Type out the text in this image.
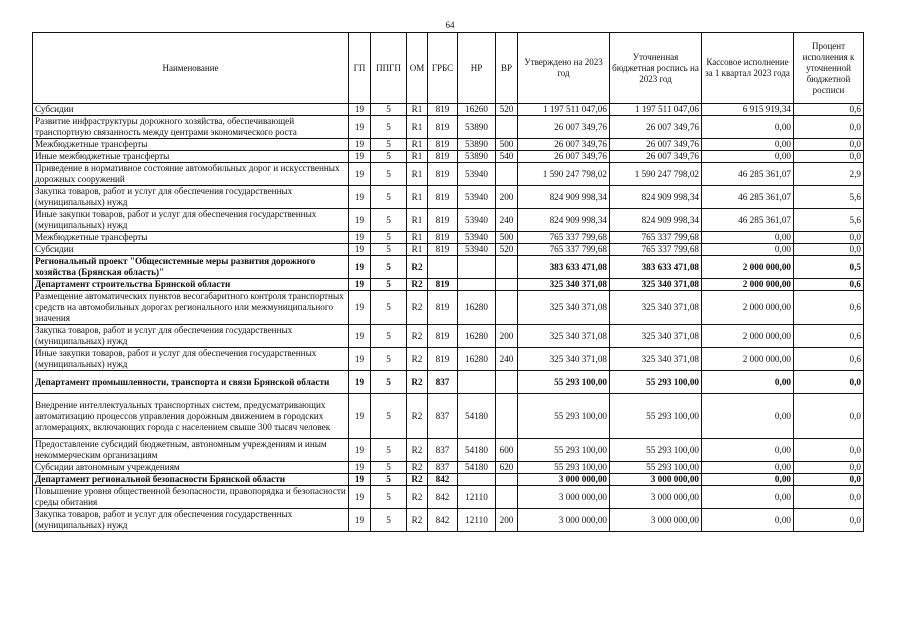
64
Наименование	ГП	ППГП	ОМ	ГРБС	НР	ВР	Утверждено на 2023 год	Уточненная бюджетная роспись на 2023 год	Кассовое исполнение за 1 квартал 2023 года	Процент исполнения к уточненной бюджетной росписи
Субсидии	19	5	R1	819	16260	520	1 197 511 047,06	1 197 511 047,06	6 915 919,34	0,6
Развитие инфраструктуры дорожного хозяйства, обеспечивающей транспортную связанность между центрами экономического роста	19	5	R1	819	53890		26 007 349,76	26 007 349,76	0,00	0,0
Межбюджетные трансферты	19	5	R1	819	53890	500	26 007 349,76	26 007 349,76	0,00	0,0
Иные межбюджетные трансферты	19	5	R1	819	53890	540	26 007 349,76	26 007 349,76	0,00	0,0
Приведение в нормативное состояние автомобильных дорог и искусственных дорожных сооружений	19	5	R1	819	53940		1 590 247 798,02	1 590 247 798,02	46 285 361,07	2,9
Закупка товаров, работ и услуг для обеспечения государственных (муниципальных) нужд	19	5	R1	819	53940	200	824 909 998,34	824 909 998,34	46 285 361,07	5,6
Иные закупки товаров, работ и услуг для обеспечения государственных (муниципальных) нужд	19	5	R1	819	53940	240	824 909 998,34	824 909 998,34	46 285 361,07	5,6
Межбюджетные трансферты	19	5	R1	819	53940	500	765 337 799,68	765 337 799,68	0,00	0,0
Субсидии	19	5	R1	819	53940	520	765 337 799,68	765 337 799,68	0,00	0,0
Региональный проект "Общесистемные меры развития дорожного хозяйства (Брянская область)"	19	5	R2				383 633 471,08	383 633 471,08	2 000 000,00	0,5
Департамент строительства Брянской области	19	5	R2	819			325 340 371,08	325 340 371,08	2 000 000,00	0,6
Размещение автоматических пунктов весогабаритного контроля транспортных средств на автомобильных дорогах регионального или межмуниципального значения	19	5	R2	819	16280		325 340 371,08	325 340 371,08	2 000 000,00	0,6
Закупка товаров, работ и услуг для обеспечения государственных (муниципальных) нужд	19	5	R2	819	16280	200	325 340 371,08	325 340 371,08	2 000 000,00	0,6
Иные закупки товаров, работ и услуг для обеспечения государственных (муниципальных) нужд	19	5	R2	819	16280	240	325 340 371,08	325 340 371,08	2 000 000,00	0,6
Департамент промышленности, транспорта и связи Брянской области	19	5	R2	837			55 293 100,00	55 293 100,00	0,00	0,0
Внедрение интеллектуальных транспортных систем, предусматривающих автоматизацию процессов управления дорожным движением в городских агломерациях, включающих города с населением свыше 300 тысяч человек	19	5	R2	837	54180		55 293 100,00	55 293 100,00	0,00	0,0
Предоставление субсидий бюджетным, автономным учреждениям и иным некоммерческим организациям	19	5	R2	837	54180	600	55 293 100,00	55 293 100,00	0,00	0,0
Субсидии автономным учреждениям	19	5	R2	837	54180	620	55 293 100,00	55 293 100,00	0,00	0,0
Департамент региональной безопасности Брянской области	19	5	R2	842			3 000 000,00	3 000 000,00	0,00	0,0
Повышение уровня общественной безопасности, правопорядка и безопасности среды обитания	19	5	R2	842	12110		3 000 000,00	3 000 000,00	0,00	0,0
Закупка товаров, работ и услуг для обеспечения государственных (муниципальных) нужд	19	5	R2	842	12110	200	3 000 000,00	3 000 000,00	0,00	0,0
